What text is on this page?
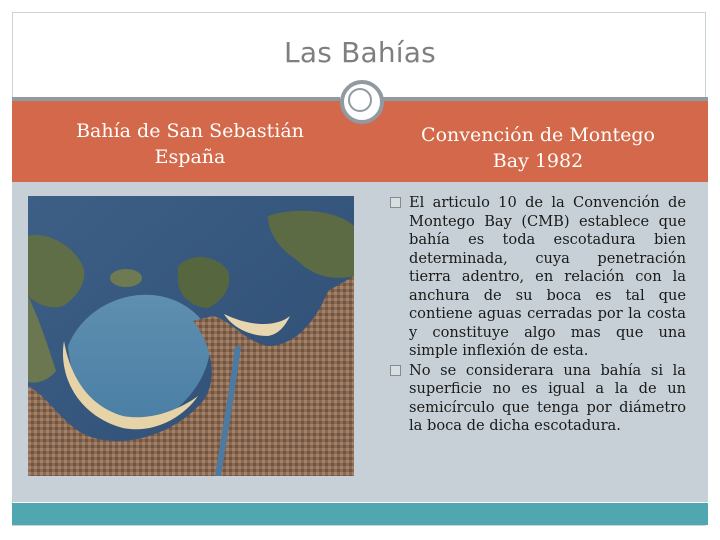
Las Bahías
Bahía de San Sebastián
España
Convención de Montego
Bay 1982
El articulo 10 de la Convención de Montego Bay (CMB) establece que bahía es toda escotadura bien determinada, cuya penetración tierra adentro, en relación con la anchura de su boca es tal que contiene aguas cerradas por la costa y constituye algo mas que una simple inflexión de esta.
No se considerara una bahía si la superficie no es igual a la de un semicírculo que tenga por diámetro la boca de dicha escotadura.
